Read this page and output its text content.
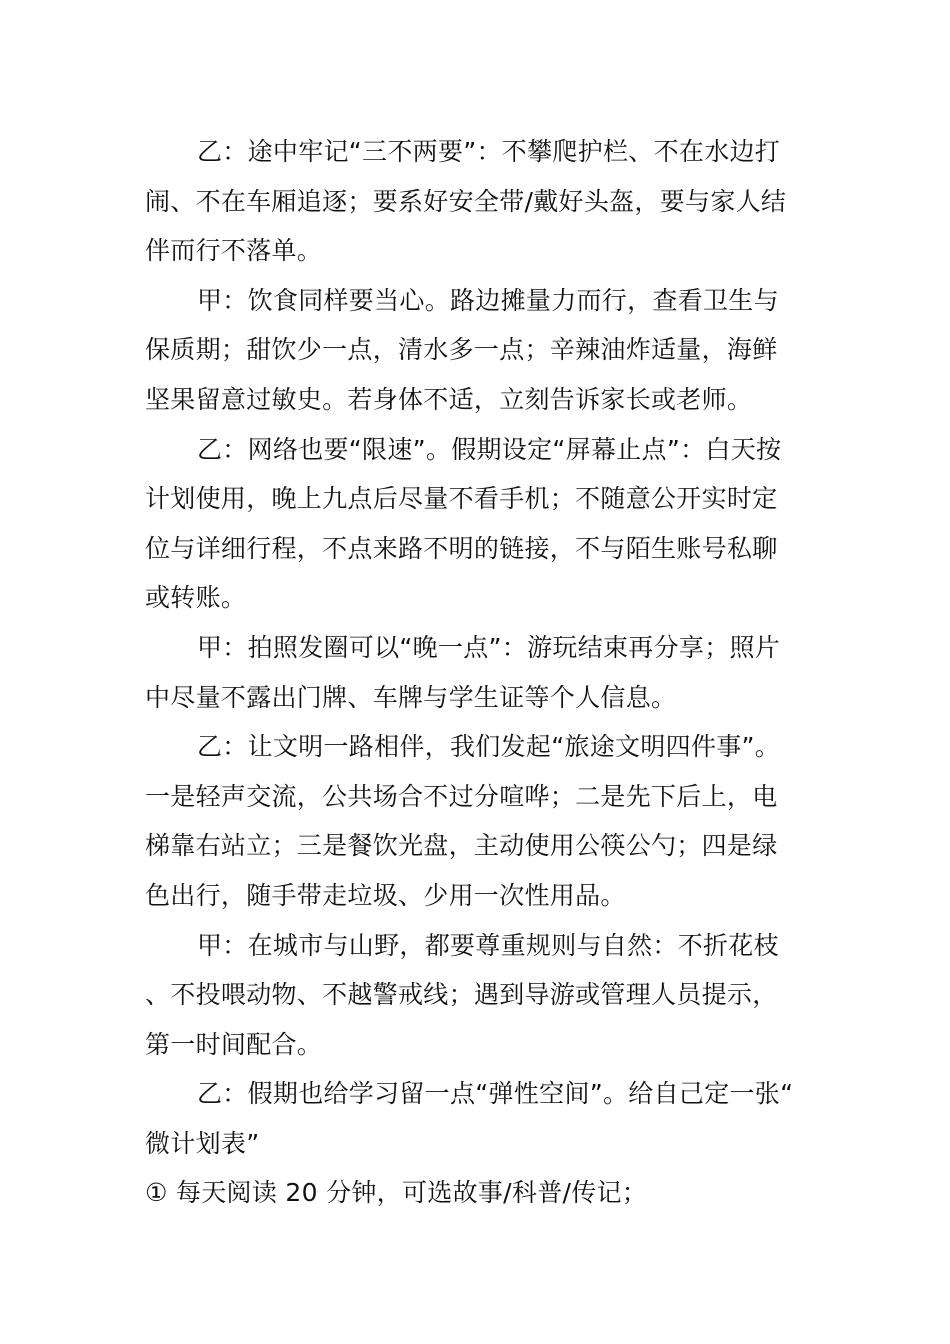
乙：途中牢记“三不两要”：不攀爬护栏、不在水边打闹、不在车厢追逐；要系好安全带/戴好头盔，要与家人结伴而行不落单。

甲：饮食同样要当心。路边摊量力而行，查看卫生与保质期；甜饮少一点，清水多一点；辛辣油炸适量，海鲜坚果留意过敏史。若身体不适，立刻告诉家长或老师。

乙：网络也要“限速”。假期设定“屏幕止点”：白天按计划使用，晚上九点后尽量不看手机；不随意公开实时定位与详细行程，不点来路不明的链接，不与陌生账号私聊或转账。

甲：拍照发圈可以“晚一点”：游玩结束再分享；照片中尽量不露出门牌、车牌与学生证等个人信息。

乙：让文明一路相伴，我们发起“旅途文明四件事”。一是轻声交流，公共场合不过分喧哗；二是先下后上，电梯靠右站立；三是餐饮光盘，主动使用公筷公勺；四是绿色出行，随手带走垃圾、少用一次性用品。

甲：在城市与山野，都要尊重规则与自然：不折花枝、不投喂动物、不越警戒线；遇到导游或管理人员提示，第一时间配合。

乙：假期也给学习留一点“弹性空间”。给自己定一张“微计划表”

① 每天阅读 20 分钟，可选故事/科普/传记；
